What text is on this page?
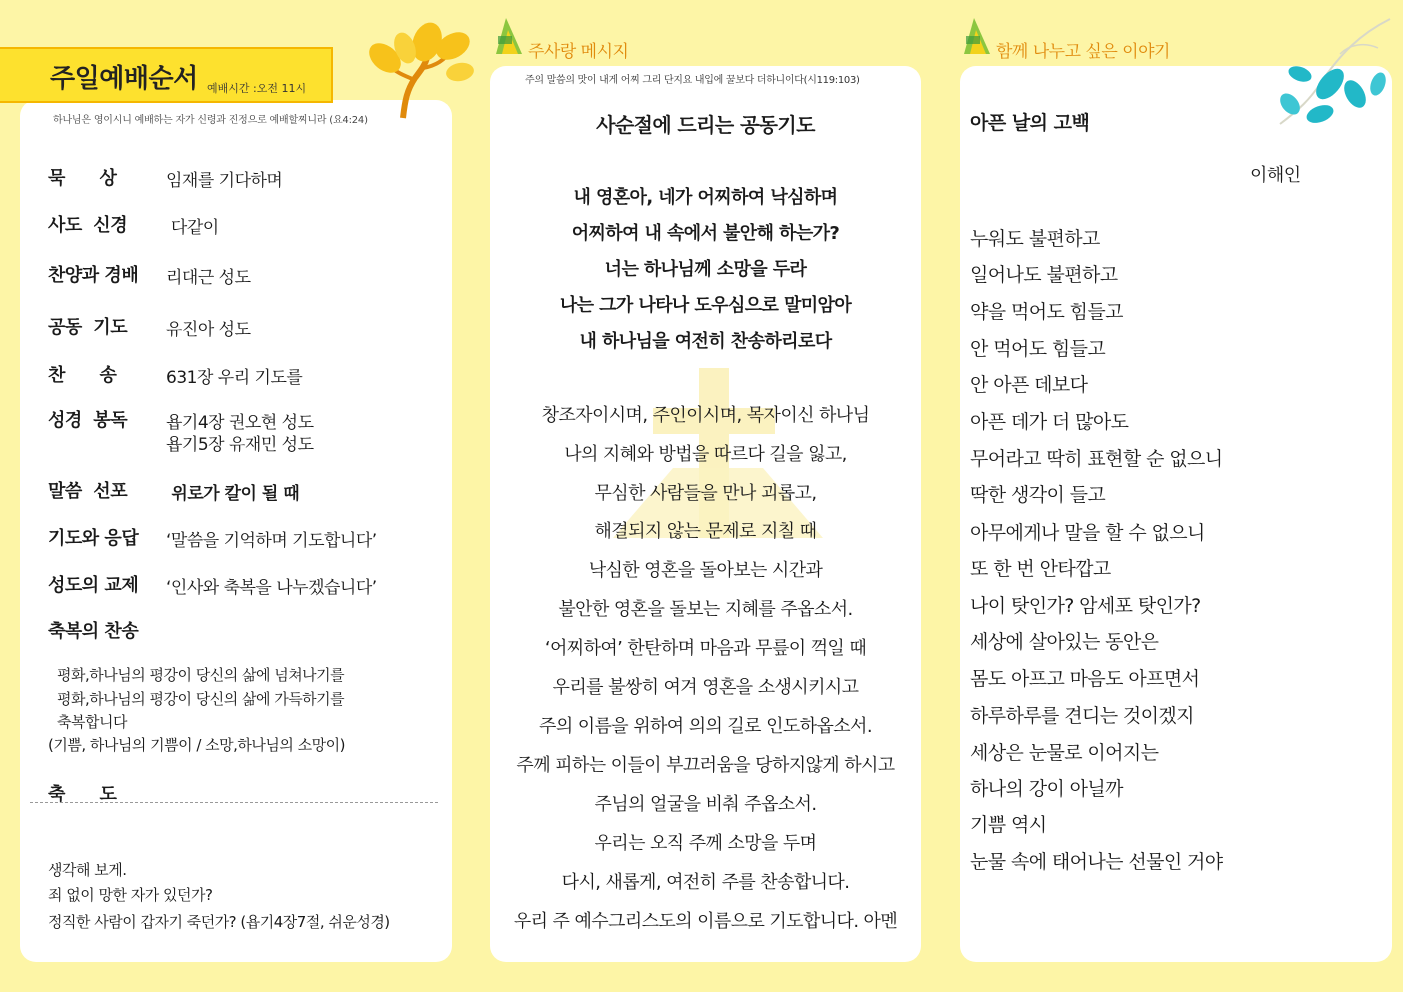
주일예배순서 예배시간 :오전 11시
하나님은 영이시니 예배하는 자가 신령과 진정으로 예배할찌니라 (요4:24)
묵      상	임재를 기다하며
사도  신경 다같이
찬양과 경배 리대근 성도
공동  기도 유진아 성도
찬      송	631장 우리 기도를
성경  봉독 욥기4장 권오현 성도
욥기5장 유재민 성도
말씀  선포 위로가 칼이 될 때
기도와 응답 ‘말씀을 기억하며 기도합니다’
성도의 교제 ‘인사와 축복을 나누겠습니다’
축복의 찬송
평화,하나님의 평강이 당신의 삶에 넘쳐나기를
평화,하나님의 평강이 당신의 삶에 가득하기를
축복합니다
(기쁨, 하나님의 기쁨이 / 소망,하나님의 소망이)
축      도
생각해 보게.
죄 없이 망한 자가 있던가?
정직한 사람이 갑자기 죽던가? (욥기4장7절, 쉬운성경)
주사랑 메시지
주의 말씀의 맛이 내게 어찌 그리 단지요 내입에 꿀보다 더하니이다(시119:103)
사순절에 드리는 공동기도
내 영혼아, 네가 어찌하여 낙심하며
어찌하여 내 속에서 불안해 하는가?
너는 하나님께 소망을 두라
나는 그가 나타나 도우심으로 말미암아
내 하나님을 여전히 찬송하리로다
창조자이시며, 주인이시며, 목자이신 하나님
나의 지혜와 방법을 따르다 길을 잃고,
무심한 사람들을 만나 괴롭고,
해결되지 않는 문제로 지칠 때
낙심한 영혼을 돌아보는 시간과
불안한 영혼을 돌보는 지혜를 주옵소서.
‘어찌하여’ 한탄하며 마음과 무릎이 꺽일 때
우리를 불쌍히 여겨 영혼을 소생시키시고
주의 이름을 위하여 의의 길로 인도하옵소서.
주께 피하는 이들이 부끄러움을 당하지않게 하시고
주님의 얼굴을 비춰 주옵소서.
우리는 오직 주께 소망을 두며
다시, 새롭게, 여전히 주를 찬송합니다.
우리 주 예수그리스도의 이름으로 기도합니다. 아멘
함께 나누고 싶은 이야기
아픈 날의 고백
이해인
누워도 불편하고
일어나도 불편하고
약을 먹어도 힘들고
안 먹어도 힘들고
안 아픈 데보다
아픈 데가 더 많아도
무어라고 딱히 표현할 순 없으니
딱한 생각이 들고
아무에게나 말을 할 수 없으니
또 한 번 안타깝고
나이 탓인가? 암세포 탓인가?
세상에 살아있는 동안은
몸도 아프고 마음도 아프면서
하루하루를 견디는 것이겠지
세상은 눈물로 이어지는
하나의 강이 아닐까
기쁨 역시
눈물 속에 태어나는 선물인 거야
